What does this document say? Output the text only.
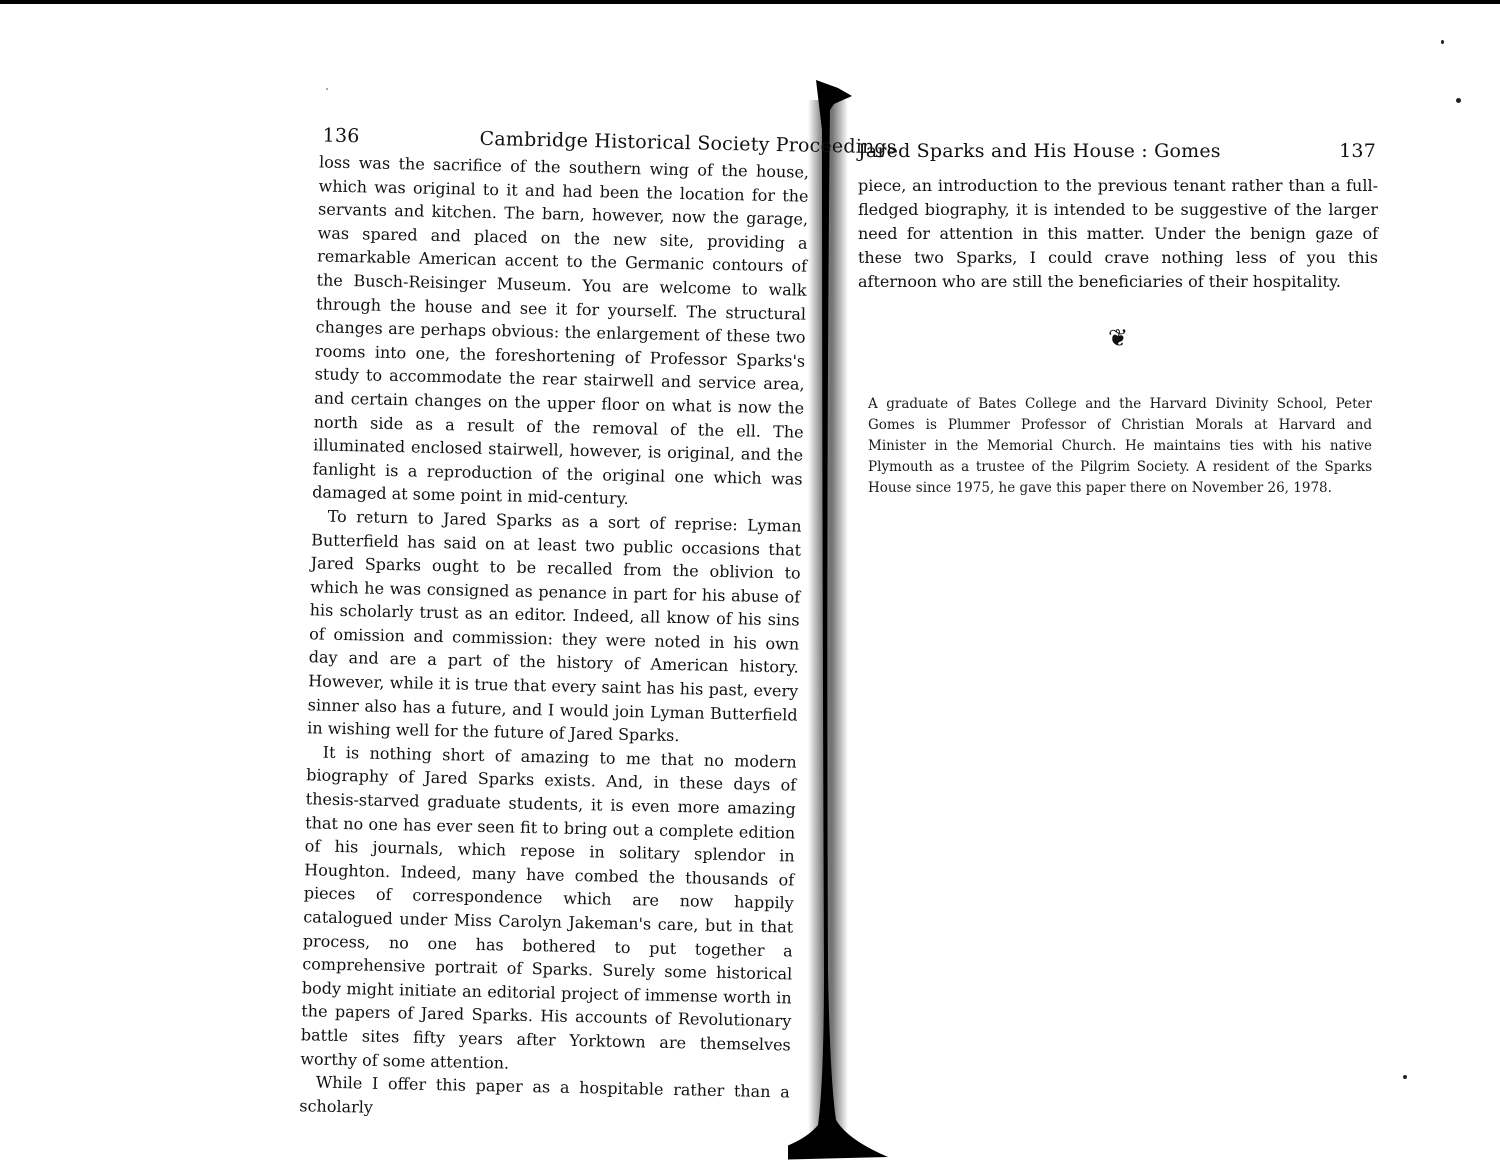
136	Cambridge Historical Society Proceedings

loss was the sacrifice of the southern wing of the house, which was original to it and had been the location for the servants and kitchen. The barn, however, now the garage, was spared and placed on the new site, providing a remarkable American accent to the Germanic contours of the Busch-Reisinger Museum. You are welcome to walk through the house and see it for yourself. The structural changes are perhaps obvious: the enlargement of these two rooms into one, the foreshortening of Professor Sparks's study to accommodate the rear stairwell and service area, and certain changes on the upper floor on what is now the north side as a result of the removal of the ell. The illuminated enclosed stairwell, however, is original, and the fanlight is a reproduction of the original one which was damaged at some point in mid-century.

To return to Jared Sparks as a sort of reprise: Lyman Butterfield has said on at least two public occasions that Jared Sparks ought to be recalled from the oblivion to which he was consigned as penance in part for his abuse of his scholarly trust as an editor. Indeed, all know of his sins of omission and commission: they were noted in his own day and are a part of the history of American history. However, while it is true that every saint has his past, every sinner also has a future, and I would join Lyman Butterfield in wishing well for the future of Jared Sparks.

It is nothing short of amazing to me that no modern biography of Jared Sparks exists. And, in these days of thesis-starved graduate students, it is even more amazing that no one has ever seen fit to bring out a complete edition of his journals, which repose in solitary splendor in Houghton. Indeed, many have combed the thousands of pieces of correspondence which are now happily catalogued under Miss Carolyn Jakeman's care, but in that process, no one has bothered to put together a comprehensive portrait of Sparks. Surely some historical body might initiate an editorial project of immense worth in the papers of Jared Sparks. His accounts of Revolutionary battle sites fifty years after Yorktown are themselves worthy of some attention.

While I offer this paper as a hospitable rather than a scholarly

Jared Sparks and His House : Gomes	137

piece, an introduction to the previous tenant rather than a full-fledged biography, it is intended to be suggestive of the larger need for attention in this matter. Under the benign gaze of these two Sparks, I could crave nothing less of you this afternoon who are still the beneficiaries of their hospitality.

❦
A graduate of Bates College and the Harvard Divinity School, Peter Gomes is Plummer Professor of Christian Morals at Harvard and Minister in the Memorial Church. He maintains ties with his native Plymouth as a trustee of the Pilgrim Society. A resident of the Sparks House since 1975, he gave this paper there on November 26, 1978.
